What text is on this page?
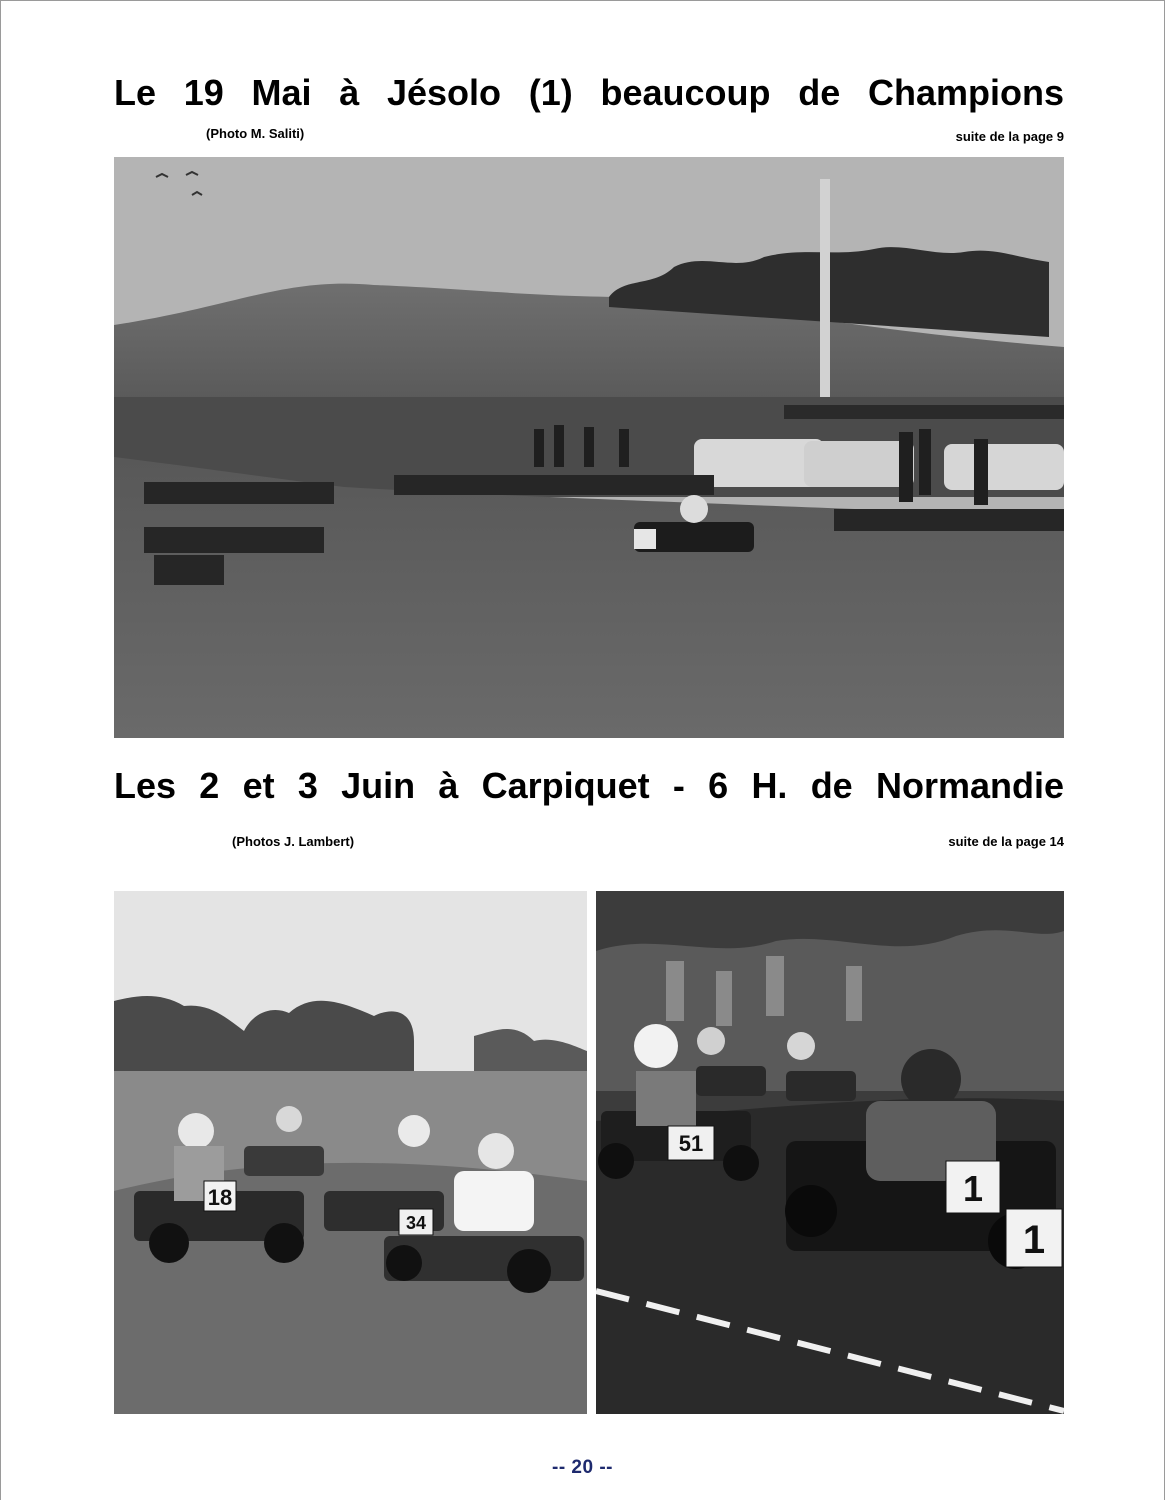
Le 19 Mai à Jésolo (1) beaucoup de Champions
(Photo M. Saliti)	suite de la page 9
Les 2 et 3 Juin à Carpiquet - 6 H. de Normandie
(Photos J. Lambert)	suite de la page 14
18
34
51
1
1
-- 20 --
